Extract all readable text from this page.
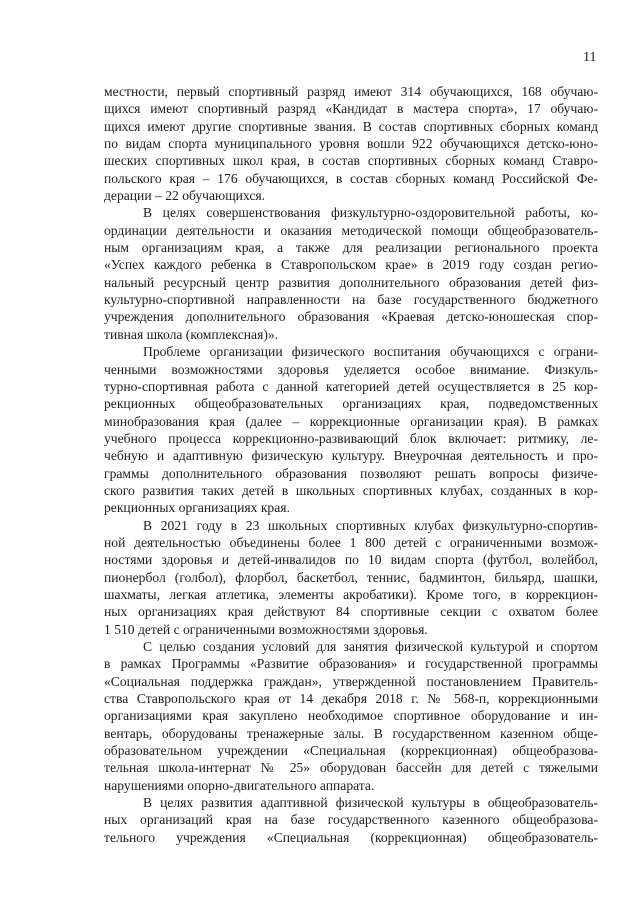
11
местности, первый спортивный разряд имеют 314 обучающихся, 168 обучаю-
щихся имеют спортивный разряд «Кандидат в мастера спорта», 17 обучаю-
щихся имеют другие спортивные звания. В состав спортивных сборных команд
по видам спорта муниципального уровня вошли 922 обучающихся детско-юно-
шеских спортивных школ края, в состав спортивных сборных команд Ставро-
польского края – 176 обучающихся, в состав сборных команд Российской Фе-
дерации – 22 обучающихся.
В целях совершенствования физкультурно-оздоровительной работы, ко-
ординации деятельности и оказания методической помощи общеобразователь-
ным организациям края, а также для реализации регионального проекта
«Успех каждого ребенка в Ставропольском крае» в 2019 году создан регио-
нальный ресурсный центр развития дополнительного образования детей физ-
культурно-спортивной направленности на базе государственного бюджетного
учреждения дополнительного образования «Краевая детско-юношеская спор-
тивная школа (комплексная)».
Проблеме организации физического воспитания обучающихся с ограни-
ченными возможностями здоровья уделяется особое внимание. Физкуль-
турно-спортивная работа с данной категорией детей осуществляется в 25 кор-
рекционных общеобразовательных организациях края, подведомственных
минобразования края (далее – коррекционные организации края). В рамках
учебного процесса коррекционно-развивающий блок включает: ритмику, ле-
чебную и адаптивную физическую культуру. Внеурочная деятельность и про-
граммы дополнительного образования позволяют решать вопросы физиче-
ского развития таких детей в школьных спортивных клубах, созданных в кор-
рекционных организациях края.
В 2021 году в 23 школьных спортивных клубах физкультурно-спортив-
ной деятельностью объединены более 1 800 детей с ограниченными возмож-
ностями здоровья и детей-инвалидов по 10 видам спорта (футбол, волейбол,
пионербол (голбол), флорбол, баскетбол, теннис, бадминтон, бильярд, шашки,
шахматы, легкая атлетика, элементы акробатики). Кроме того, в коррекцион-
ных организациях края действуют 84 спортивные секции с охватом более
1 510 детей с ограниченными возможностями здоровья.
С целью создания условий для занятия физической культурой и спортом
в рамках Программы «Развитие образования» и государственной программы
«Социальная поддержка граждан», утвержденной постановлением Правитель-
ства Ставропольского края от 14 декабря 2018 г. № 568-п, коррекционными
организациями края закуплено необходимое спортивное оборудование и ин-
вентарь, оборудованы тренажерные залы. В государственном казенном обще-
образовательном учреждении «Специальная (коррекционная) общеобразова-
тельная школа-интернат № 25» оборудован бассейн для детей с тяжелыми
нарушениями опорно-двигательного аппарата.
В целях развития адаптивной физической культуры в общеобразователь-
ных организаций края на базе государственного казенного общеобразова-
тельного учреждения «Специальная (коррекционная) общеобразователь-
